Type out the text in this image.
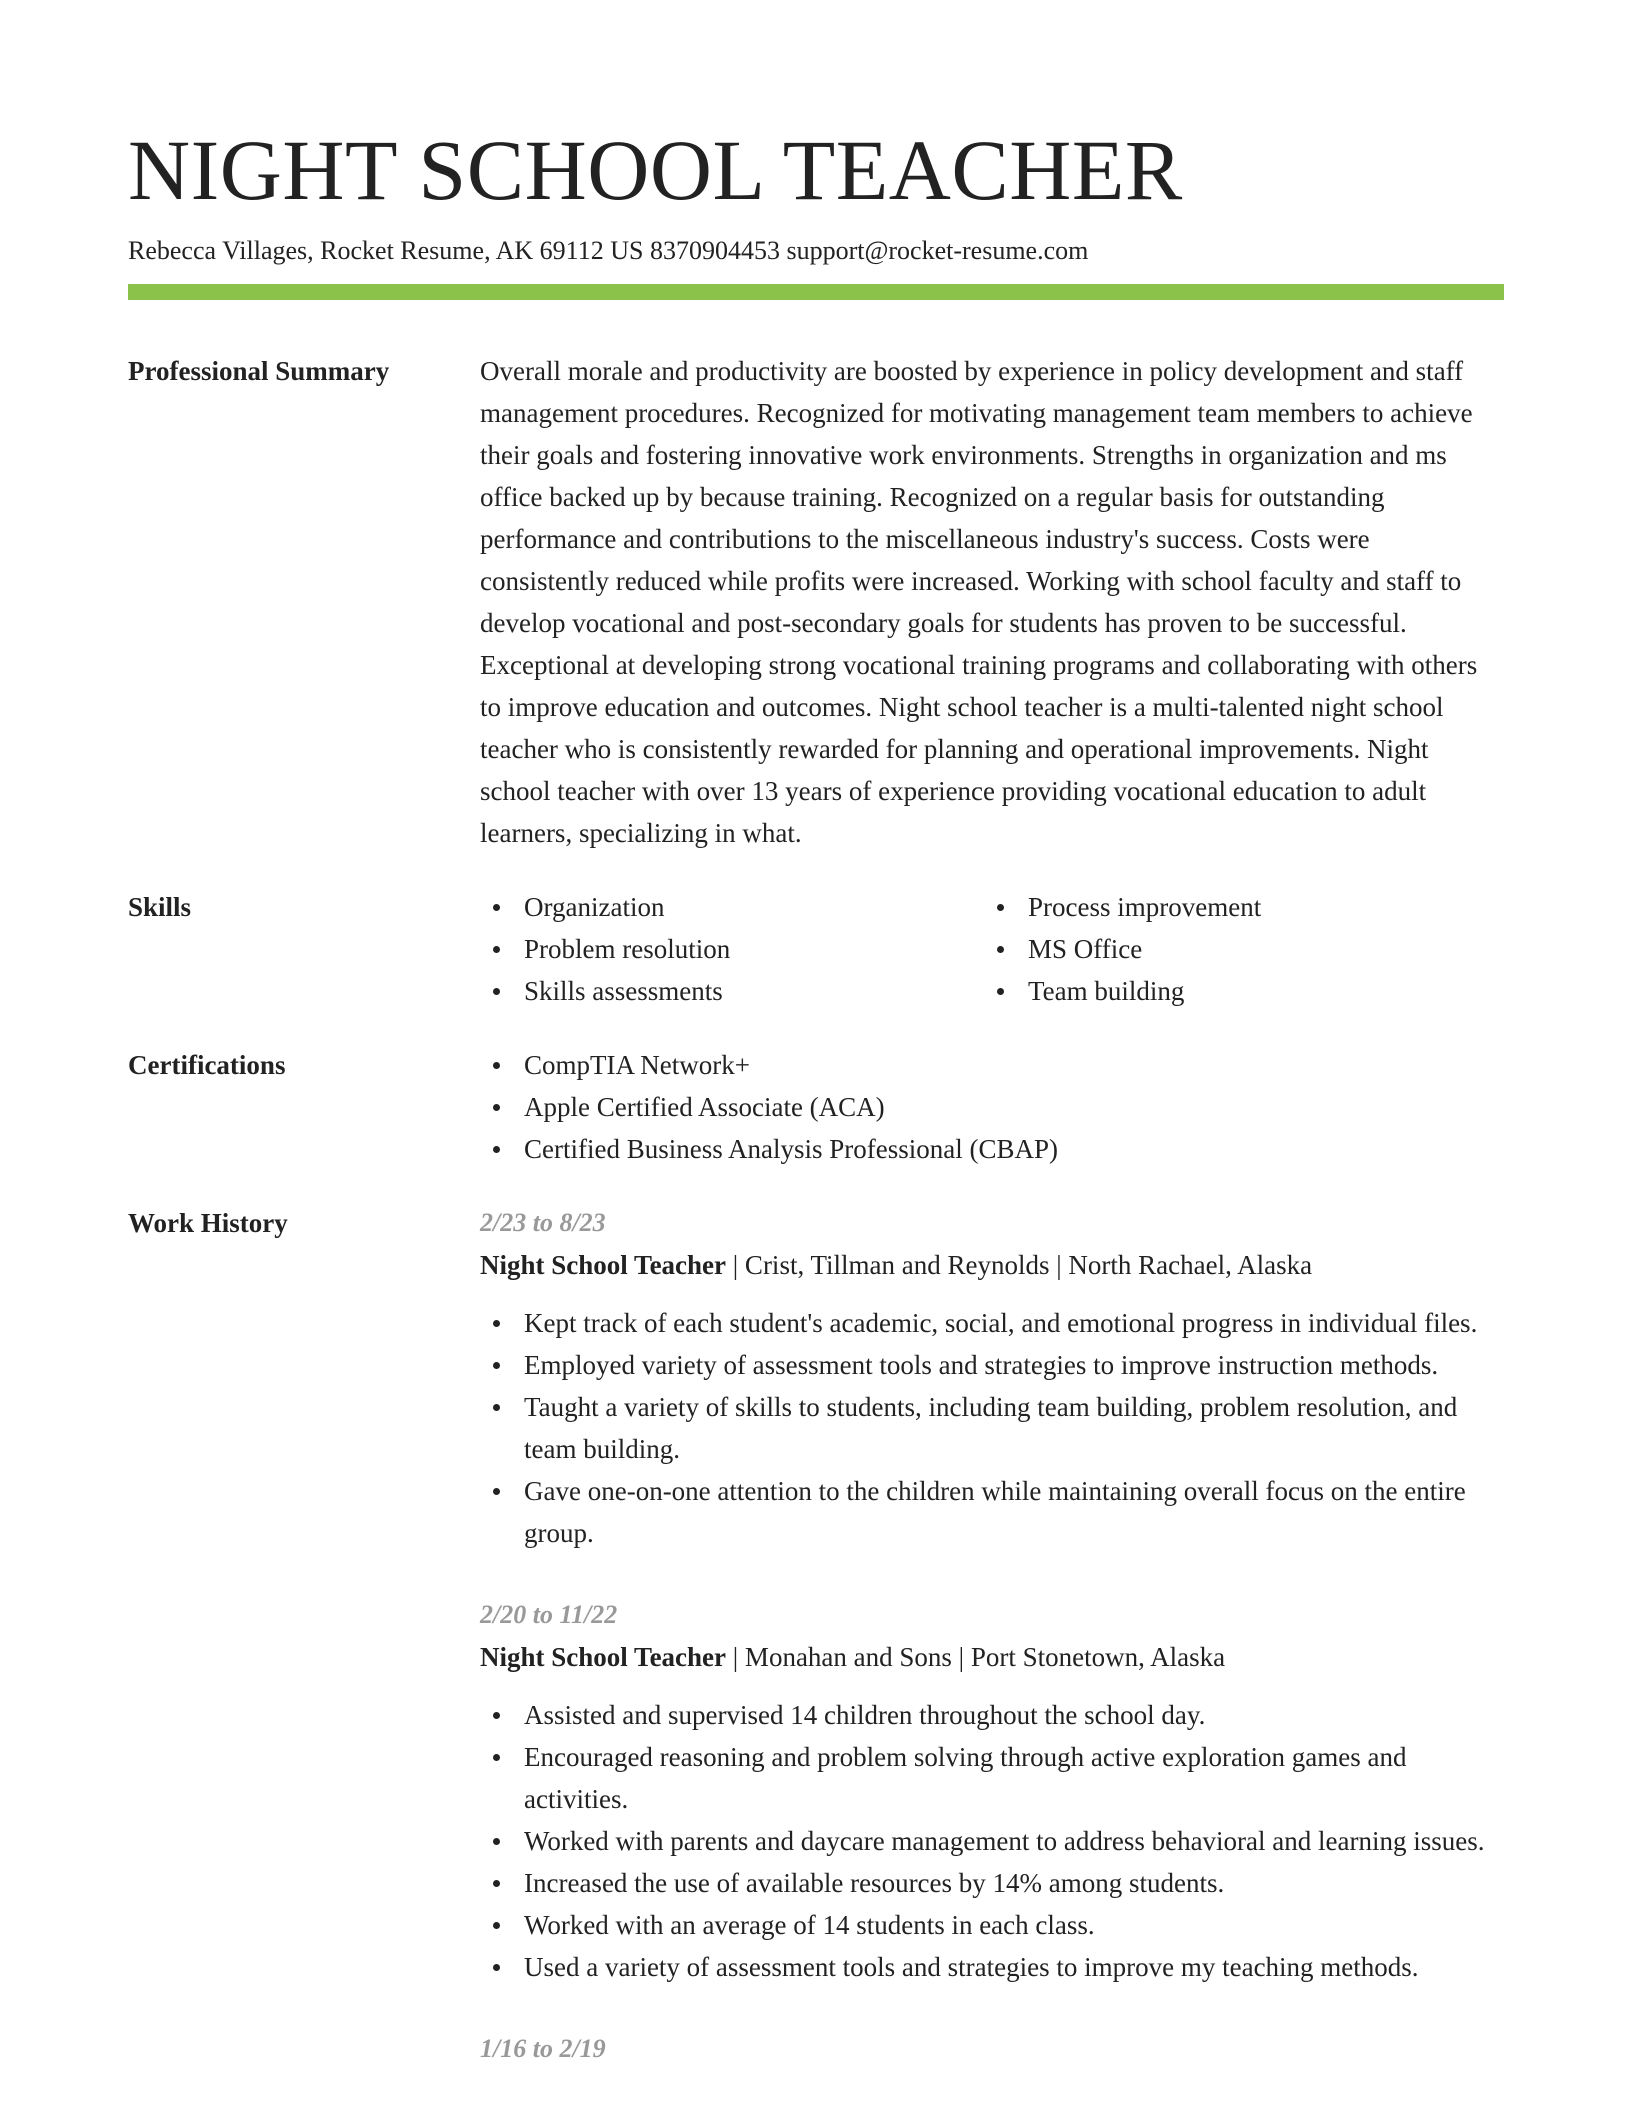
NIGHT SCHOOL TEACHER
Rebecca Villages, Rocket Resume, AK 69112 US 8370904453 support@rocket-resume.com
Professional Summary	Overall morale and productivity are boosted by experience in policy development and staff management procedures. Recognized for motivating management team members to achieve their goals and fostering innovative work environments. Strengths in organization and ms office backed up by because training. Recognized on a regular basis for outstanding performance and contributions to the miscellaneous industry's success. Costs were consistently reduced while profits were increased. Working with school faculty and staff to develop vocational and post-secondary goals for students has proven to be successful. Exceptional at developing strong vocational training programs and collaborating with others to improve education and outcomes. Night school teacher is a multi-talented night school teacher who is consistently rewarded for planning and operational improvements. Night school teacher with over 13 years of experience providing vocational education to adult learners, specializing in what.

Skills	Organization
Problem resolution
Skills assessments
Process improvement
MS Office
Team building
Certifications	CompTIA Network+
Apple Certified Associate (ACA)
Certified Business Analysis Professional (CBAP)
Work History	2/23 to 8/23
Night School Teacher | Crist, Tillman and Reynolds | North Rachael, Alaska
Kept track of each student's academic, social, and emotional progress in individual files.
Employed variety of assessment tools and strategies to improve instruction methods.
Taught a variety of skills to students, including team building, problem resolution, and team building.
Gave one-on-one attention to the children while maintaining overall focus on the entire group.
2/20 to 11/22
Night School Teacher | Monahan and Sons | Port Stonetown, Alaska
Assisted and supervised 14 children throughout the school day.
Encouraged reasoning and problem solving through active exploration games and activities.
Worked with parents and daycare management to address behavioral and learning issues.
Increased the use of available resources by 14% among students.
Worked with an average of 14 students in each class.
Used a variety of assessment tools and strategies to improve my teaching methods.
1/16 to 2/19
